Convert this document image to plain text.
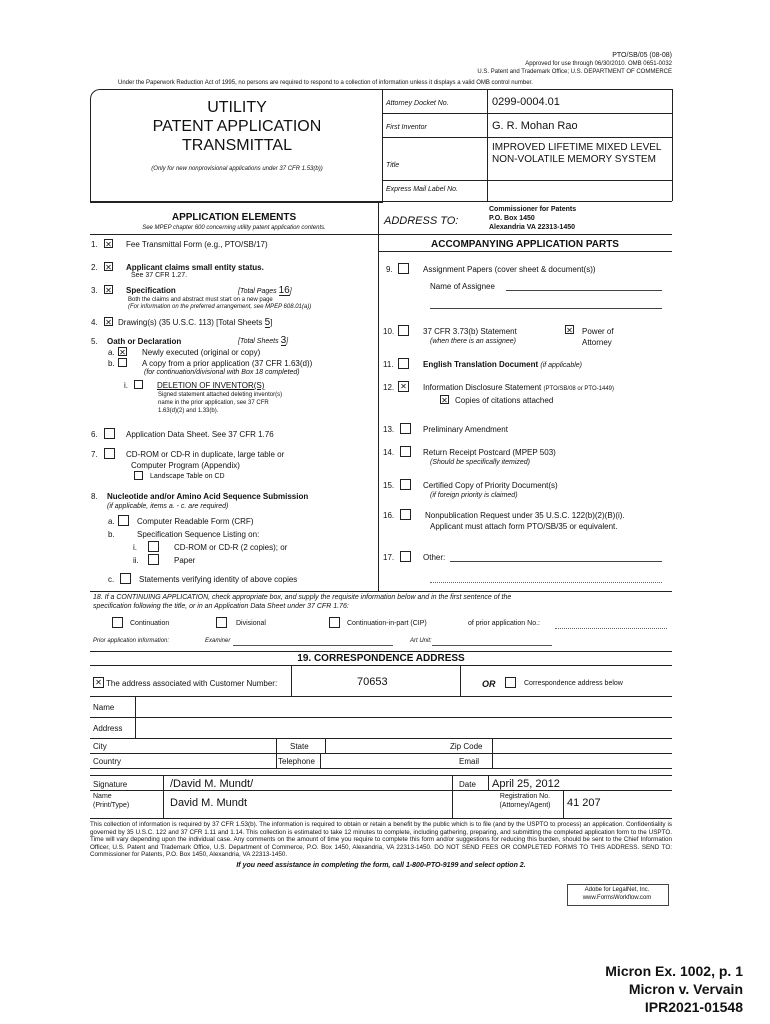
PTO/SB/05 (08-08)
Approved for use through 06/30/2010. OMB 0651-0032
U.S. Patent and Trademark Office; U.S. DEPARTMENT OF COMMERCE
Under the Paperwork Reduction Act of 1995, no persons are required to respond to a collection of information unless it displays a valid OMB control number.
UTILITY
PATENT APPLICATION
TRANSMITTAL
(Only for new nonprovisional applications under 37 CFR 1.53(b))
Attorney Docket No.	0299-0004.01
First Inventor	G. R. Mohan Rao
Title
IMPROVED LIFETIME MIXED LEVEL
NON-VOLATILE MEMORY SYSTEM
Express Mail Label No.
APPLICATION ELEMENTS
See MPEP chapter 600 concerning utility patent application contents.
1. ✕	Fee Transmittal Form (e.g., PTO/SB/17)
2. ✕	Applicant claims small entity status.
See 37 CFR 1.27.
3. ✕	Specification	[Total Pages 16]
Both the claims and abstract must start on a new page
(For information on the preferred arrangement, see MPEP 608.01(a))
4. ✕	Drawing(s) (35 U.S.C. 113) [Total Sheets 5]
5. Oath or Declaration	[Total Sheets 3]
a. ✕	Newly executed (original or copy)
b.	A copy from a prior application (37 CFR 1.63(d))
(for continuation/divisional with Box 18 completed)
i.	DELETION OF INVENTOR(S)
Signed statement attached deleting inventor(s)
name in the prior application, see 37 CFR
1.63(d)(2) and 1.33(b).
6.	Application Data Sheet. See 37 CFR 1.76
7.	CD-ROM or CD-R in duplicate, large table or
Computer Program (Appendix)
Landscape Table on CD
8. Nucleotide and/or Amino Acid Sequence Submission
(if applicable, items a. - c. are required)
a.	Computer Readable Form (CRF)
b.	Specification Sequence Listing on:
i.	CD-ROM or CD-R (2 copies); or
ii.	Paper
c.	Statements verifying identity of above copies
ADDRESS TO:
Commissioner for Patents
P.O. Box 1450
Alexandria VA 22313-1450
ACCOMPANYING APPLICATION PARTS
9.	Assignment Papers (cover sheet & document(s))
Name of Assignee
10.	37 CFR 3.73(b) Statement
(when there is an assignee)
✕
Power of
Attorney
11.	English Translation Document (if applicable)
12. ✕	Information Disclosure Statement (PTO/SB/08 or PTO-1449)
✕
Copies of citations attached
13.	Preliminary Amendment
14.	Return Receipt Postcard (MPEP 503)
(Should be specifically itemized)
15.	Certified Copy of Priority Document(s)
(if foreign priority is claimed)
16.	Nonpublication Request under 35 U.S.C. 122(b)(2)(B)(i).
Applicant must attach form PTO/SB/35 or equivalent.
17.	Other:
18. If a CONTINUING APPLICATION, check appropriate box, and supply the requisite information below and in the first sentence of the
specification following the title, or in an Application Data Sheet under 37 CFR 1.76:
Continuation	Divisional	Continuation-in-part (CIP)	of prior application No.:
Prior application information:	Examiner	Art Unit:
19. CORRESPONDENCE ADDRESS
✕
The address associated with Customer Number:	70653	OR	Correspondence address below
Name
Address
City	State	Zip Code
Country	Telephone	Email
Signature	/David M. Mundt/	Date April 25, 2012
Name
(Print/Type)	David M. Mundt
Registration No.
(Attorney/Agent)	41 207
This collection of information is required by 37 CFR 1.53(b). The information is required to obtain or retain a benefit by the public which is to file (and by the USPTO to process) an application. Confidentiality is governed by 35 U.S.C. 122 and 37 CFR 1.11 and 1.14. This collection is estimated to take 12 minutes to complete, including gathering, preparing, and submitting the completed application form to the USPTO. Time will vary depending upon the individual case. Any comments on the amount of time you require to complete this form and/or suggestions for reducing this burden, should be sent to the Chief Information Officer, U.S. Patent and Trademark Office, U.S. Department of Commerce, P.O. Box 1450, Alexandria, VA 22313-1450. DO NOT SEND FEES OR COMPLETED FORMS TO THIS ADDRESS. SEND TO: Commissioner for Patents, P.O. Box 1450, Alexandria, VA 22313-1450.
If you need assistance in completing the form, call 1-800-PTO-9199 and select option 2.
Adobe for LegalNet, Inc.
www.FormsWorkflow.com
Micron Ex. 1002, p. 1
Micron v. Vervain
IPR2021-01548
